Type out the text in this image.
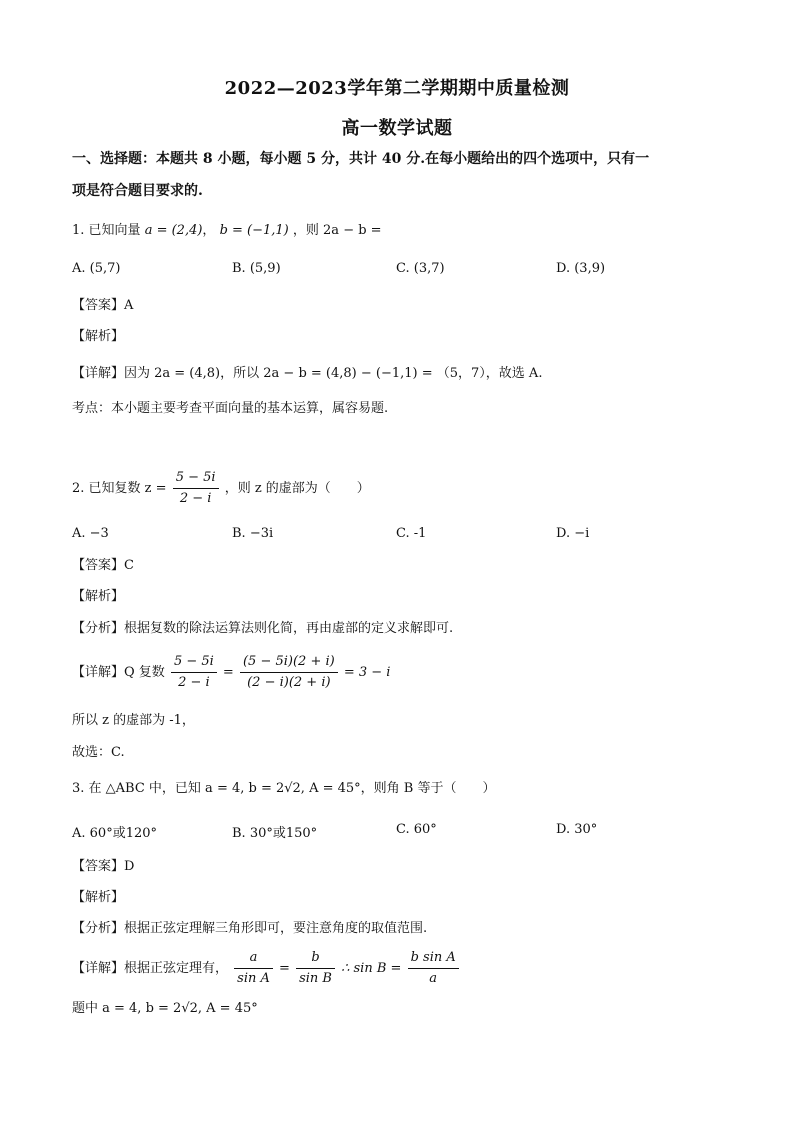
2022—2023学年第二学期期中质量检测
高一数学试题
一、选择题：本题共 8 小题，每小题 5 分，共计 40 分.在每小题给出的四个选项中，只有一
项是符合题目要求的.
1. 已知向量 a = (2,4)， b = (−1,1) ，则 2a − b =
A. (5,7)	B. (5,9)	C. (3,7)	D. (3,9)
【答案】A
【解析】
【详解】因为 2a = (4,8)，所以 2a − b = (4,8) − (−1,1) = （5，7），故选 A.
考点：本小题主要考查平面向量的基本运算，属容易题.
2. 已知复数 $z = \frac{5 - 5i}{2 - i}$ ，则 z 的虚部为（　　）
A. −3	B. −3i	C. -1	D. −i
【答案】C
【解析】
【分析】根据复数的除法运算法则化简，再由虚部的定义求解即可.
【详解】Q 复数 $\frac{5 - 5i}{2 - i} = \frac{(5 - 5i)(2 + i)}{(2 - i)(2 + i)} = 3 - i$
所以 z 的虚部为 -1，
故选：C.
3. 在 △ABC 中，已知 a = 4, b = 2√2, A = 45°，则角 B 等于（　　）
A. 60°或120°	B. 30°或150°	C. 60°	D. 30°
【答案】D
【解析】
【分析】根据正弦定理解三角形即可，要注意角度的取值范围.
【详解】根据正弦定理有， $\frac{a}{\text{sin A}} = \frac{b}{\text{sin B}}$ ∴ $\sin B = \frac{\text{b sin A}}{a}$
题中 a = 4, b = 2√2, A = 45°
